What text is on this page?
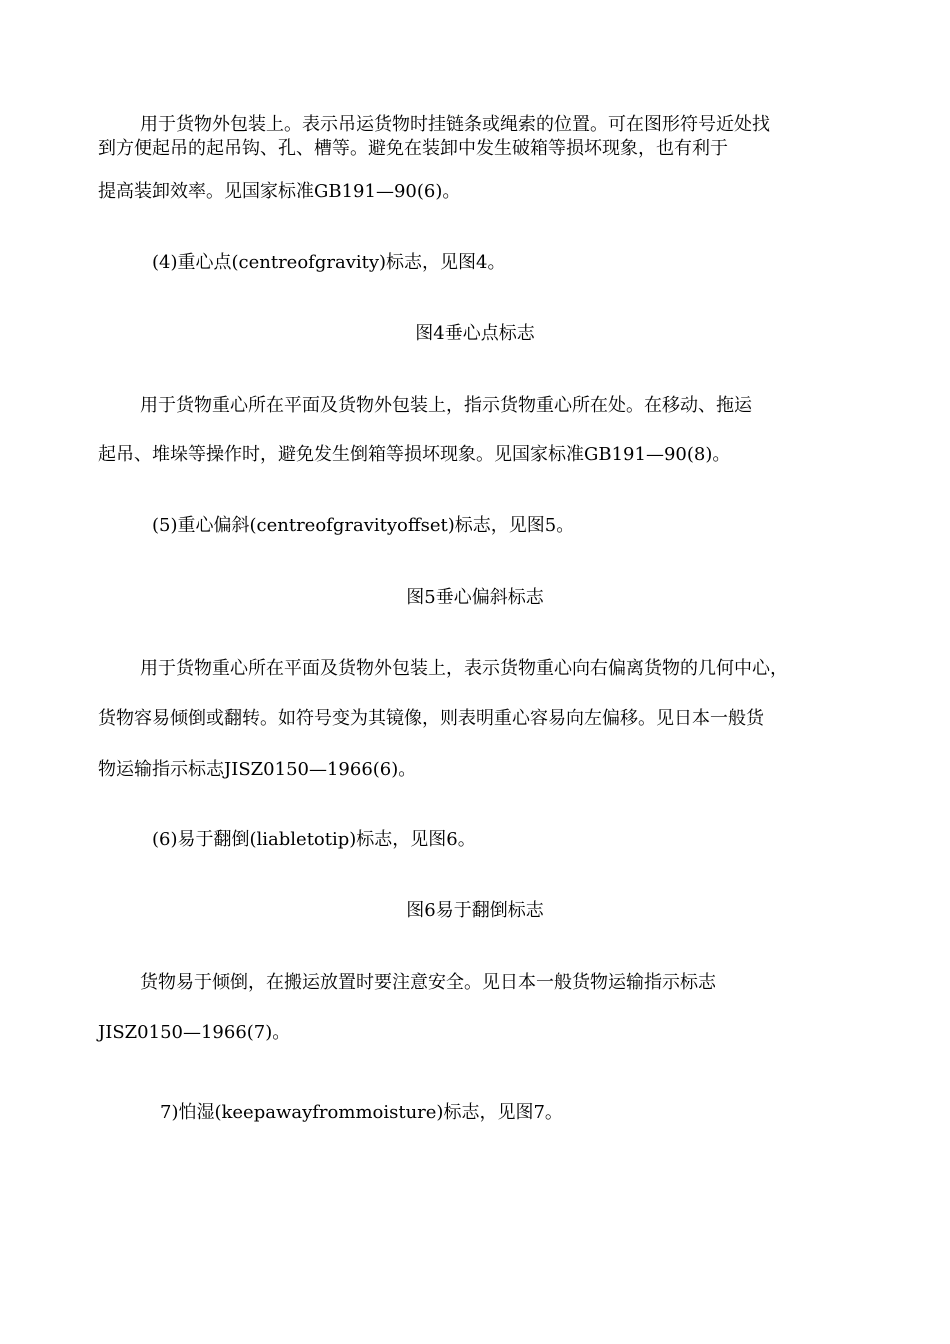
用于货物外包装上。表示吊运货物时挂链条或绳索的位置。可在图形符号近处找
到方便起吊的起吊钩、孔、槽等。避免在装卸中发生破箱等损坏现象，也有利于
提高装卸效率。见国家标准GB191—90(6)。
(4)重心点(centreofgravity)标志，见图4。
图4垂心点标志
用于货物重心所在平面及货物外包装上，指示货物重心所在处。在移动、拖运
起吊、堆垛等操作时，避免发生倒箱等损坏现象。见国家标准GB191—90(8)。
(5)重心偏斜(centreofgravityoffset)标志，见图5。
图5垂心偏斜标志
用于货物重心所在平面及货物外包装上，表示货物重心向右偏离货物的几何中心，
货物容易倾倒或翻转。如符号变为其镜像，则表明重心容易向左偏移。见日本一般货
物运输指示标志JISZ0150—1966(6)。
(6)易于翻倒(liabletotip)标志，见图6。
图6易于翻倒标志
货物易于倾倒，在搬运放置时要注意安全。见日本一般货物运输指示标志
JISZ0150—1966(7)。
7)怕湿(keepawayfrommoisture)标志，见图7。
